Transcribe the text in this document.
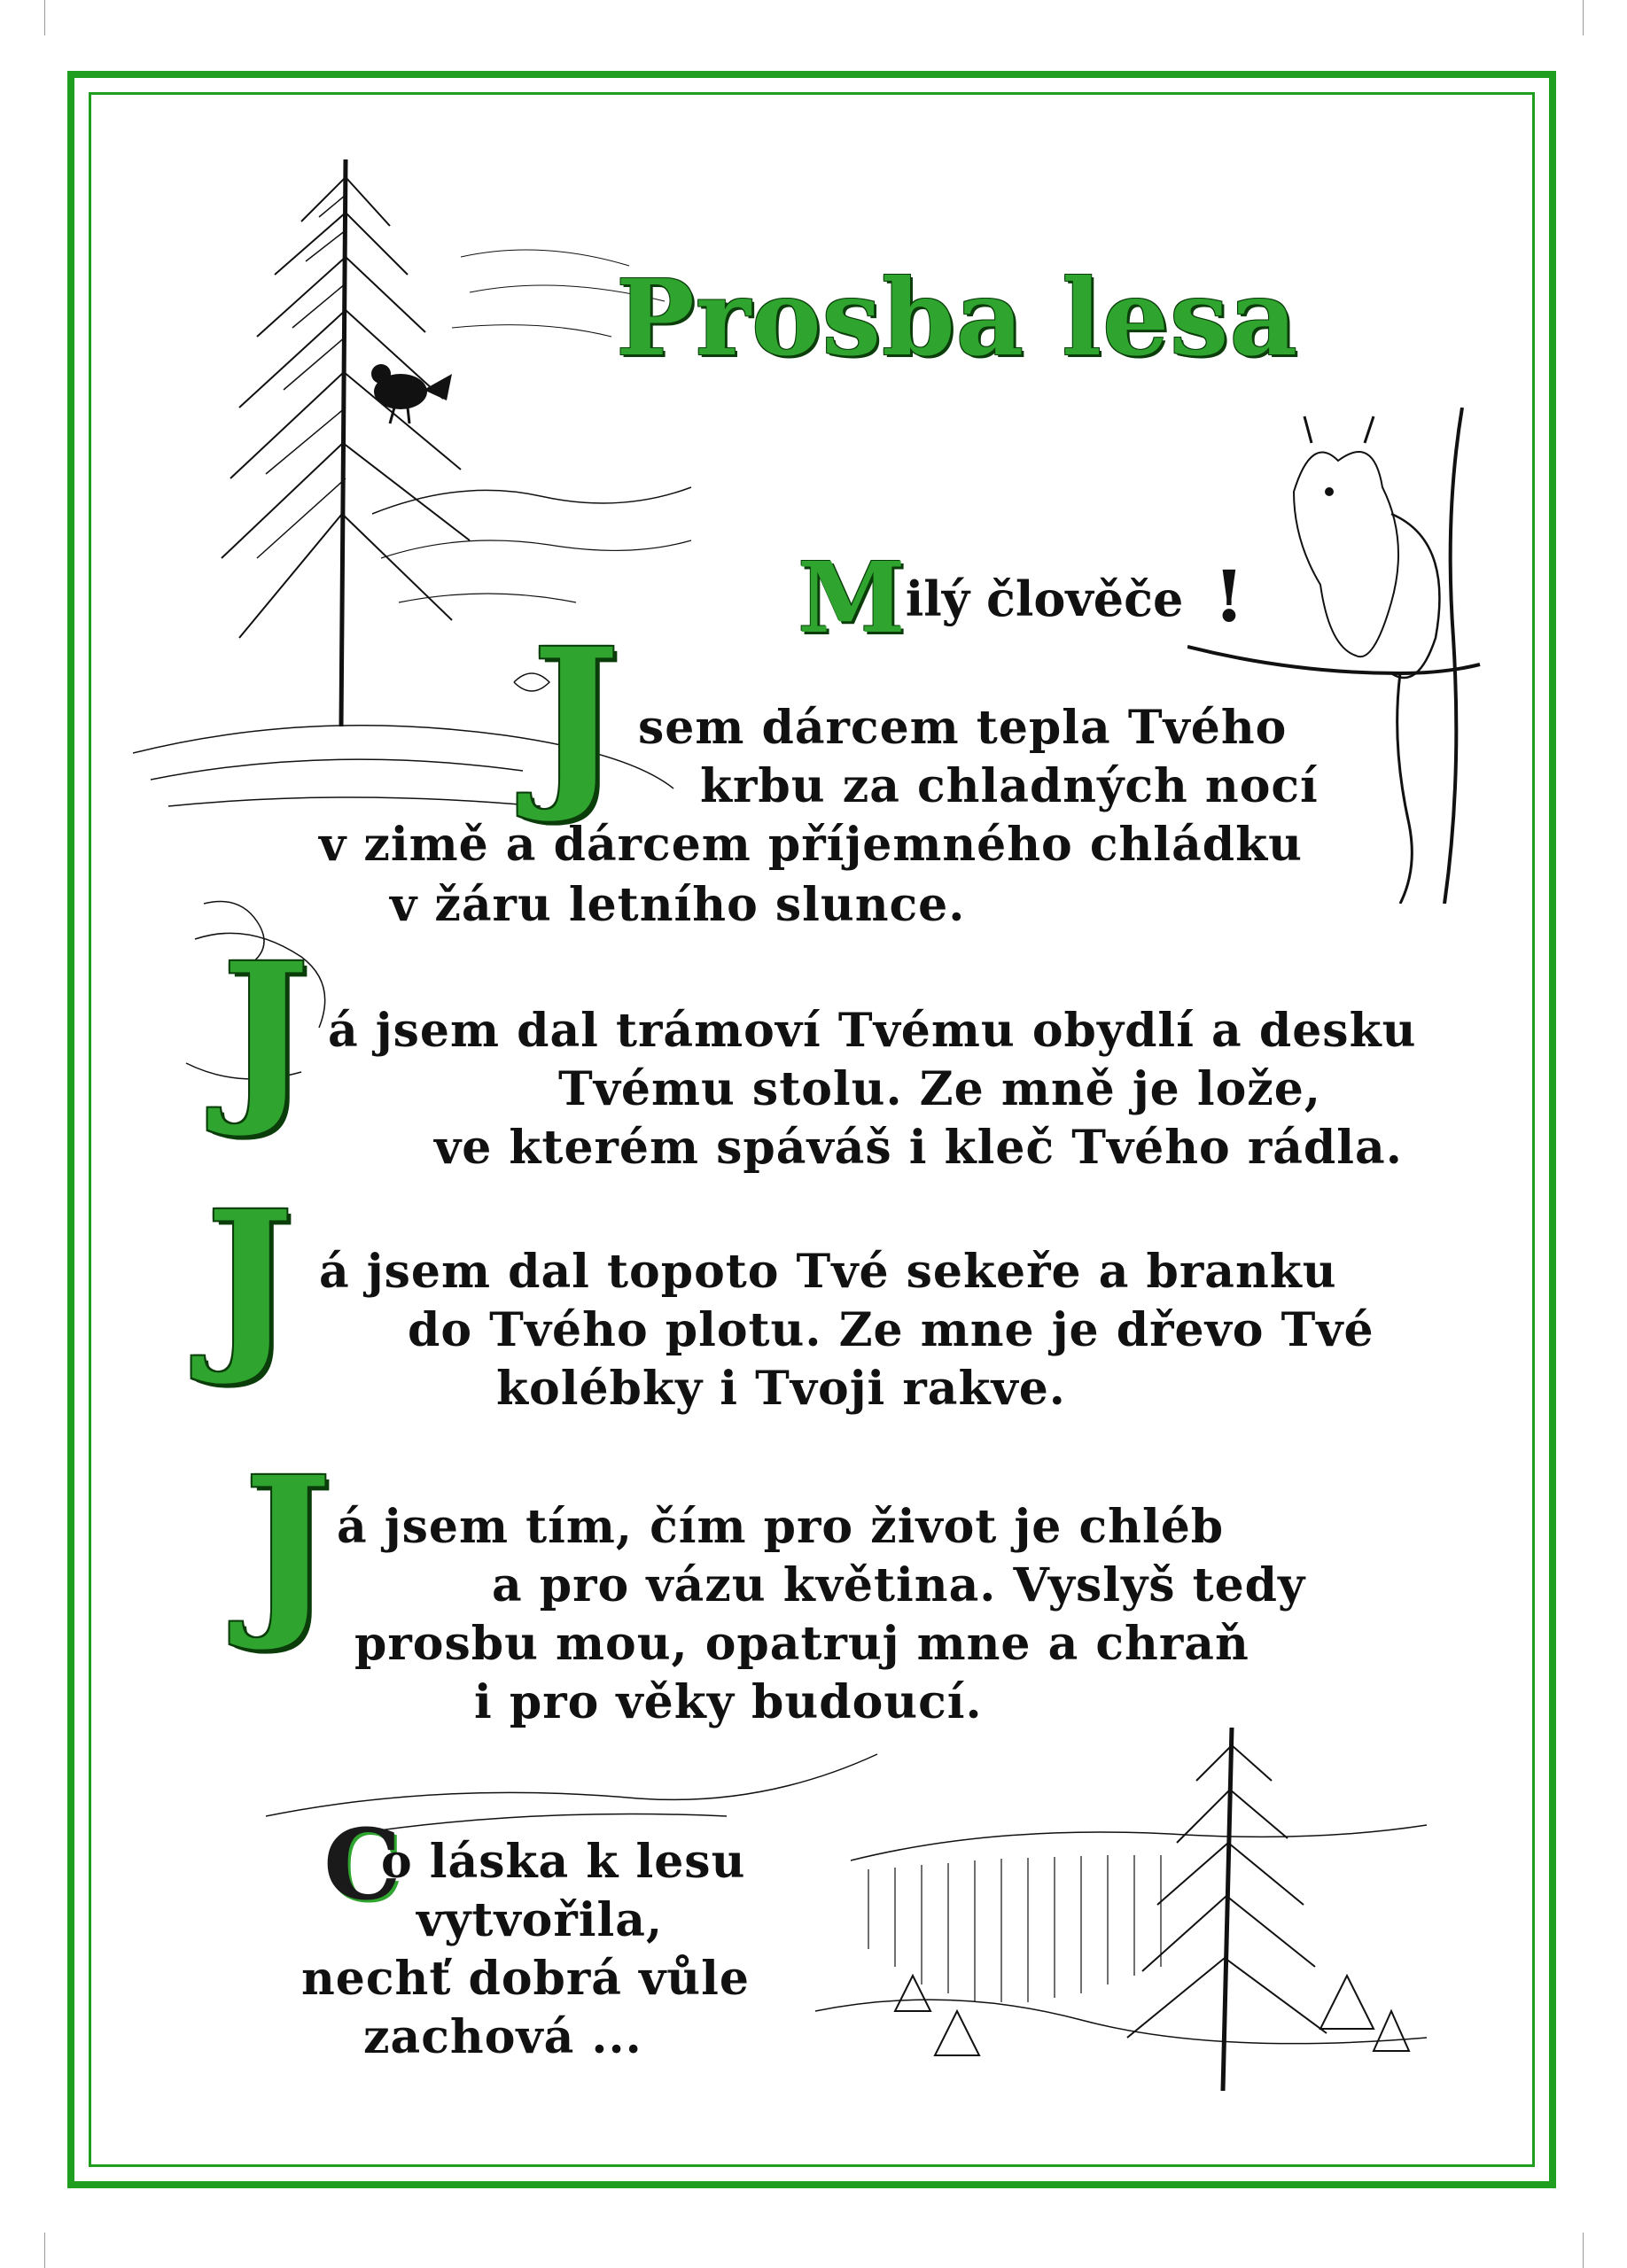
Prosba lesa
Milý člověče !
J sem dárcem tepla Tvého
krbu za chladných nocí
v zimě a dárcem příjemného chládku
v žáru letního slunce.
J á jsem dal trámoví Tvému obydlí a desku
Tvému stolu. Ze mně je lože,
ve kterém spáváš i kleč Tvého rádla.
J á jsem dal topoto Tvé sekeře a branku
do Tvého plotu. Ze mne je dřevo Tvé
kolébky i Tvoji rakve.
J á jsem tím, čím pro život je chléb
a pro vázu květina. Vyslyš tedy
prosbu mou, opatruj mne a chraň
i pro věky budoucí.
C
o láska k lesu
vytvořila,
nechť dobrá vůle
zachová ...
